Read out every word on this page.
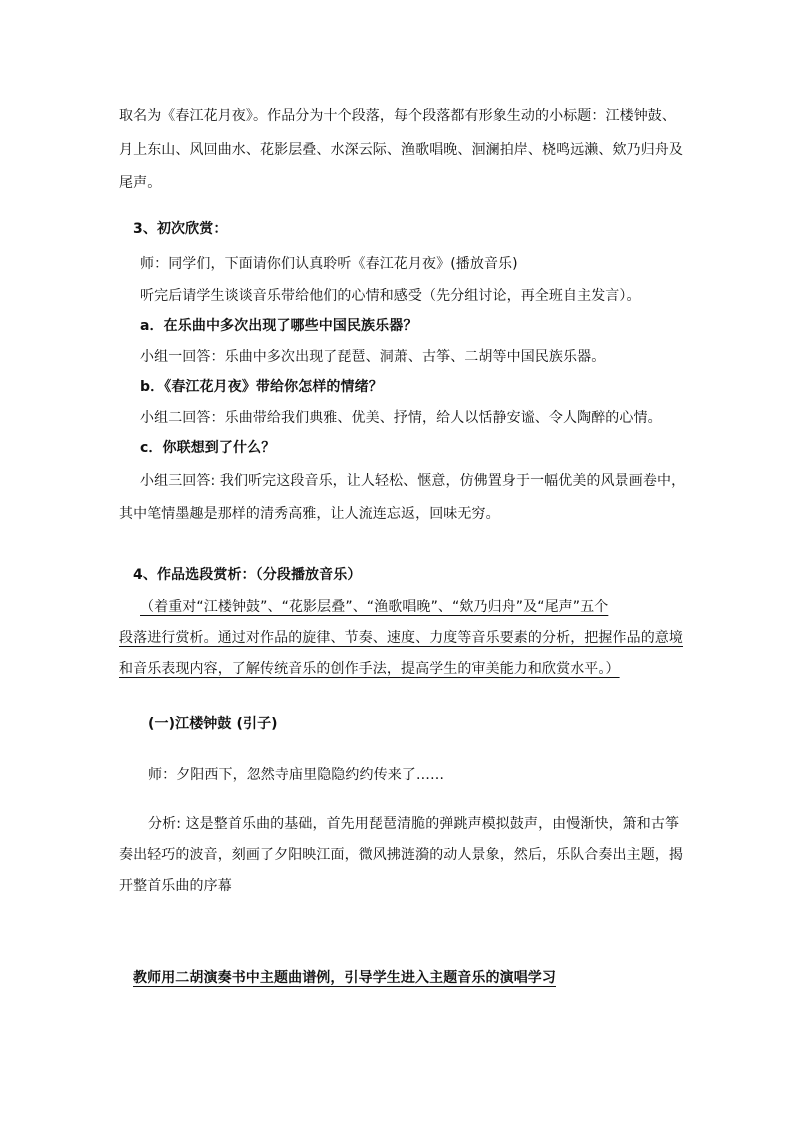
取名为《春江花月夜》。作品分为十个段落，每个段落都有形象生动的小标题：江楼钟鼓、
月上东山、风回曲水、花影层叠、水深云际、渔歌唱晚、洄澜拍岸、桡鸣远濑、欸乃归舟及
尾声。
3、初次欣赏：
师：同学们，下面请你们认真聆听《春江花月夜》(播放音乐)
听完后请学生谈谈音乐带给他们的心情和感受（先分组讨论，再全班自主发言）。
a．在乐曲中多次出现了哪些中国民族乐器？
小组一回答：乐曲中多次出现了琵琶、洞萧、古筝、二胡等中国民族乐器。
b．《春江花月夜》带给你怎样的情绪？
小组二回答：乐曲带给我们典雅、优美、抒情，给人以恬静安谧、令人陶醉的心情。
c．你联想到了什么？
小组三回答: 我们听完这段音乐，让人轻松、惬意，仿佛置身于一幅优美的风景画卷中，
其中笔情墨趣是那样的清秀高雅，让人流连忘返，回味无穷。
4、作品选段赏析：（分段播放音乐）
（着重对“江楼钟鼓”、“花影层叠”、“渔歌唱晚”、“欸乃归舟”及“尾声”五个
段落进行赏析。通过对作品的旋律、节奏、速度、力度等音乐要素的分析，把握作品的意境
和音乐表现内容，了解传统音乐的创作手法，提高学生的审美能力和欣赏水平。）
(一)江楼钟鼓 (引子)
师：夕阳西下，忽然寺庙里隐隐约约传来了……
分析: 这是整首乐曲的基础，首先用琵琶清脆的弹跳声模拟鼓声，由慢渐快，箫和古筝
奏出轻巧的波音，刻画了夕阳映江面，微风拂涟漪的动人景象，然后，乐队合奏出主题，揭
开整首乐曲的序幕
教师用二胡演奏书中主题曲谱例，引导学生进入主题音乐的演唱学习
